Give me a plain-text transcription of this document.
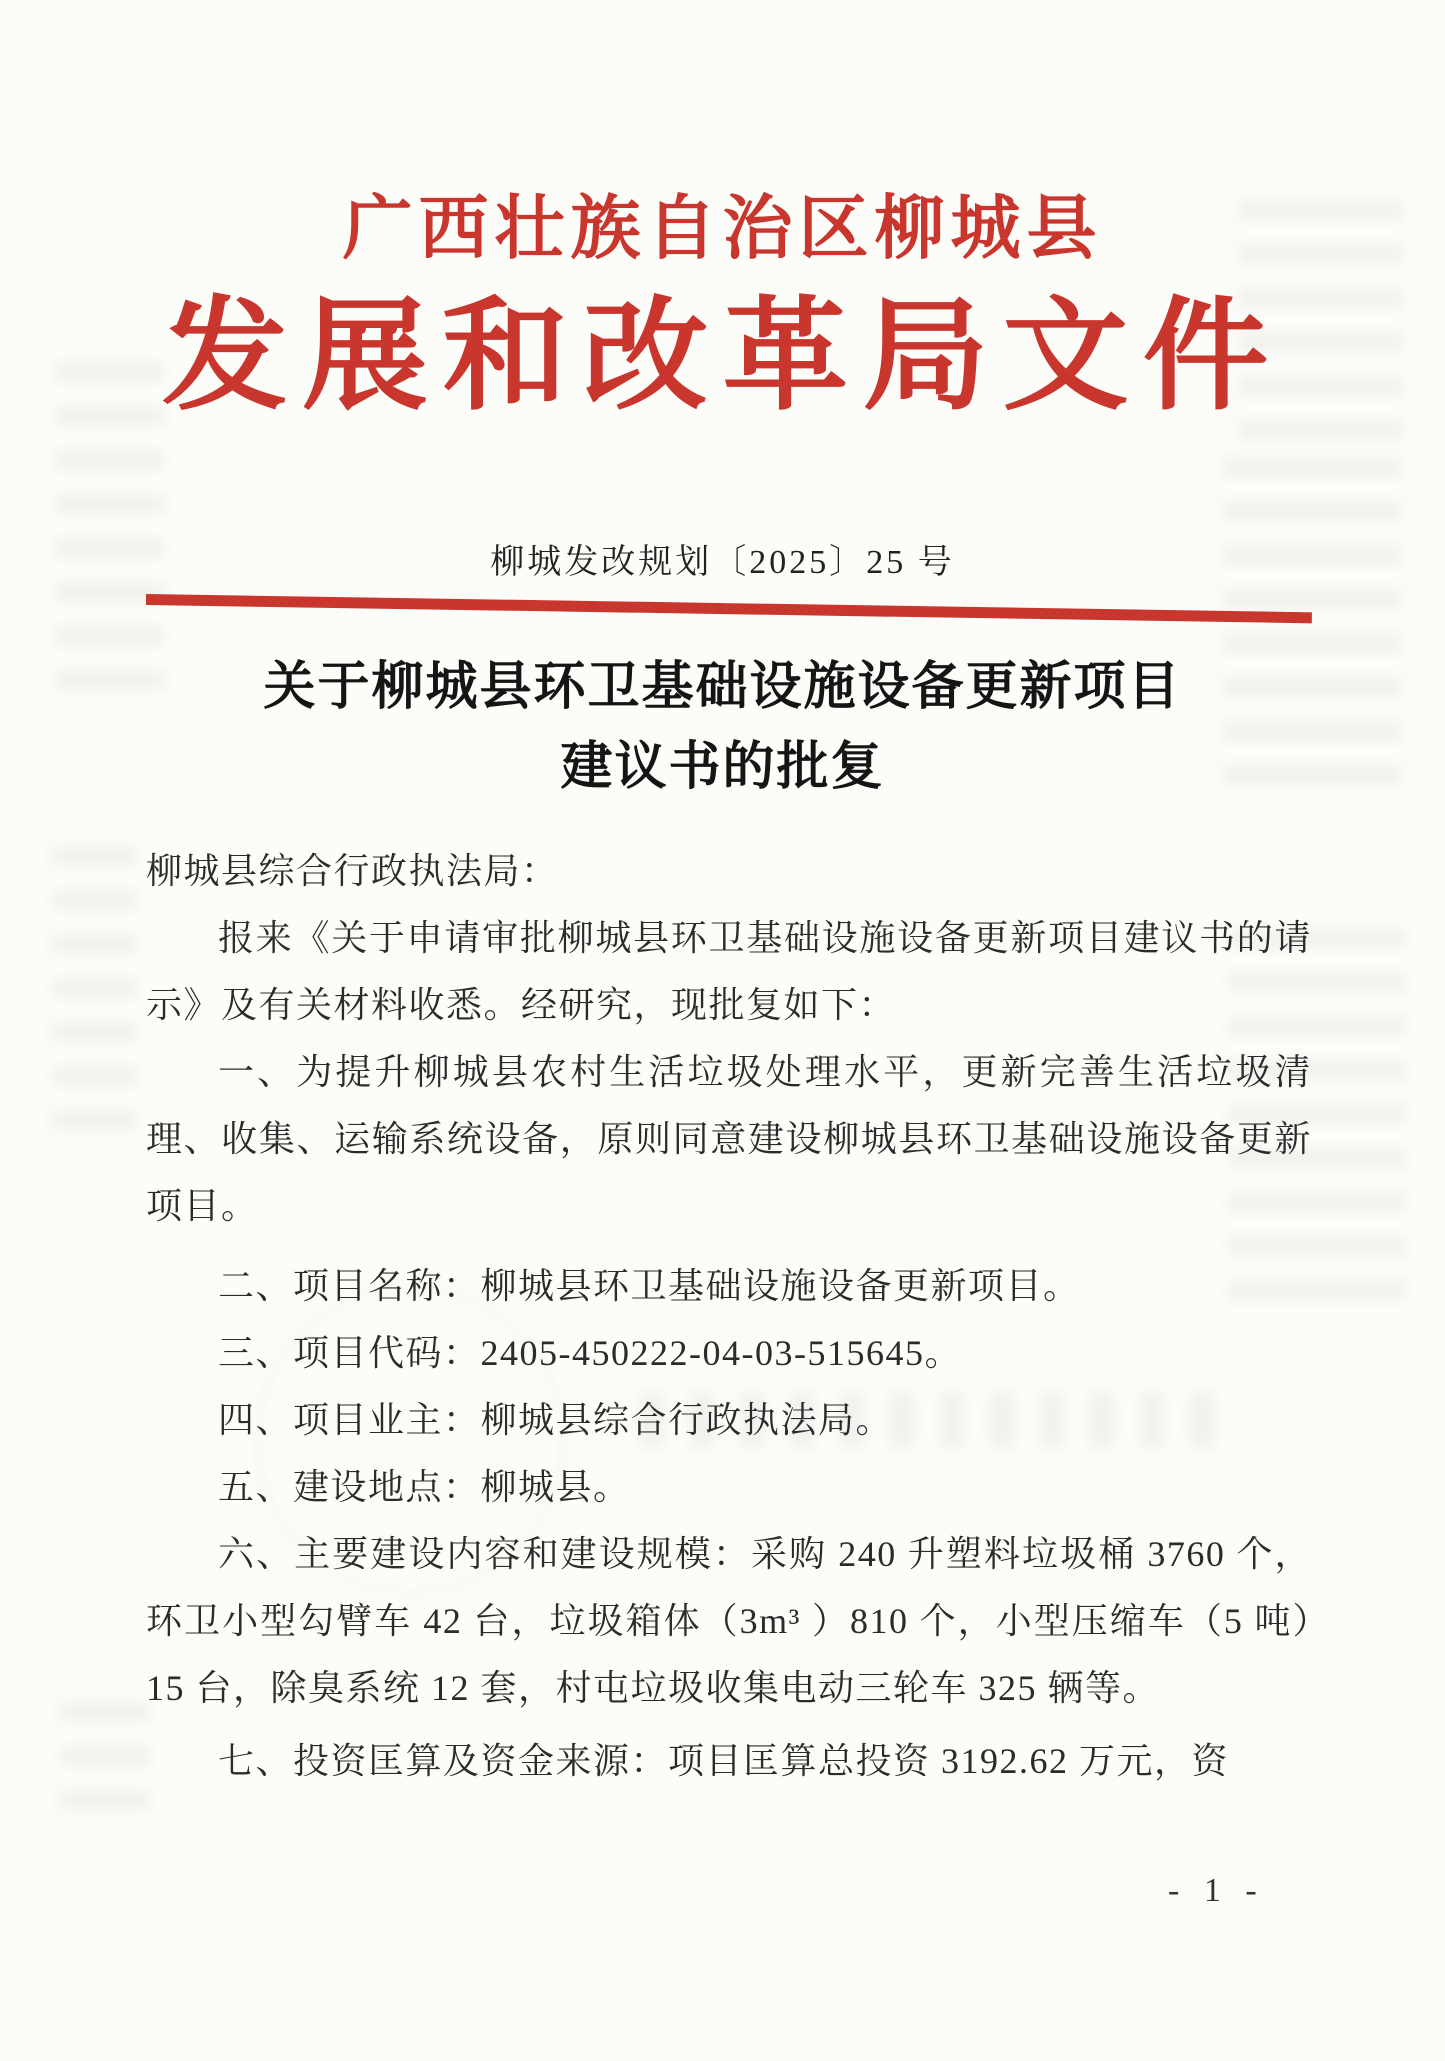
广西壮族自治区柳城县
发展和改革局文件
柳城发改规划〔2025〕25 号
关于柳城县环卫基础设施设备更新项目
建议书的批复

柳城县综合行政执法局：

报来《关于申请审批柳城县环卫基础设施设备更新项目建议书的请示》及有关材料收悉。经研究，现批复如下：

一、为提升柳城县农村生活垃圾处理水平，更新完善生活垃圾清理、收集、运输系统设备，原则同意建设柳城县环卫基础设施设备更新项目。

二、项目名称：柳城县环卫基础设施设备更新项目。

三、项目代码：2405-450222-04-03-515645。

四、项目业主：柳城县综合行政执法局。

五、建设地点：柳城县。

六、主要建设内容和建设规模：采购 240 升塑料垃圾桶 3760 个，环卫小型勾臂车 42 台，垃圾箱体（3m³ ）810 个，小型压缩车（5 吨）15 台，除臭系统 12 套，村屯垃圾收集电动三轮车 325 辆等。

七、投资匡算及资金来源：项目匡算总投资 3192.62 万元，资

- 1 -
